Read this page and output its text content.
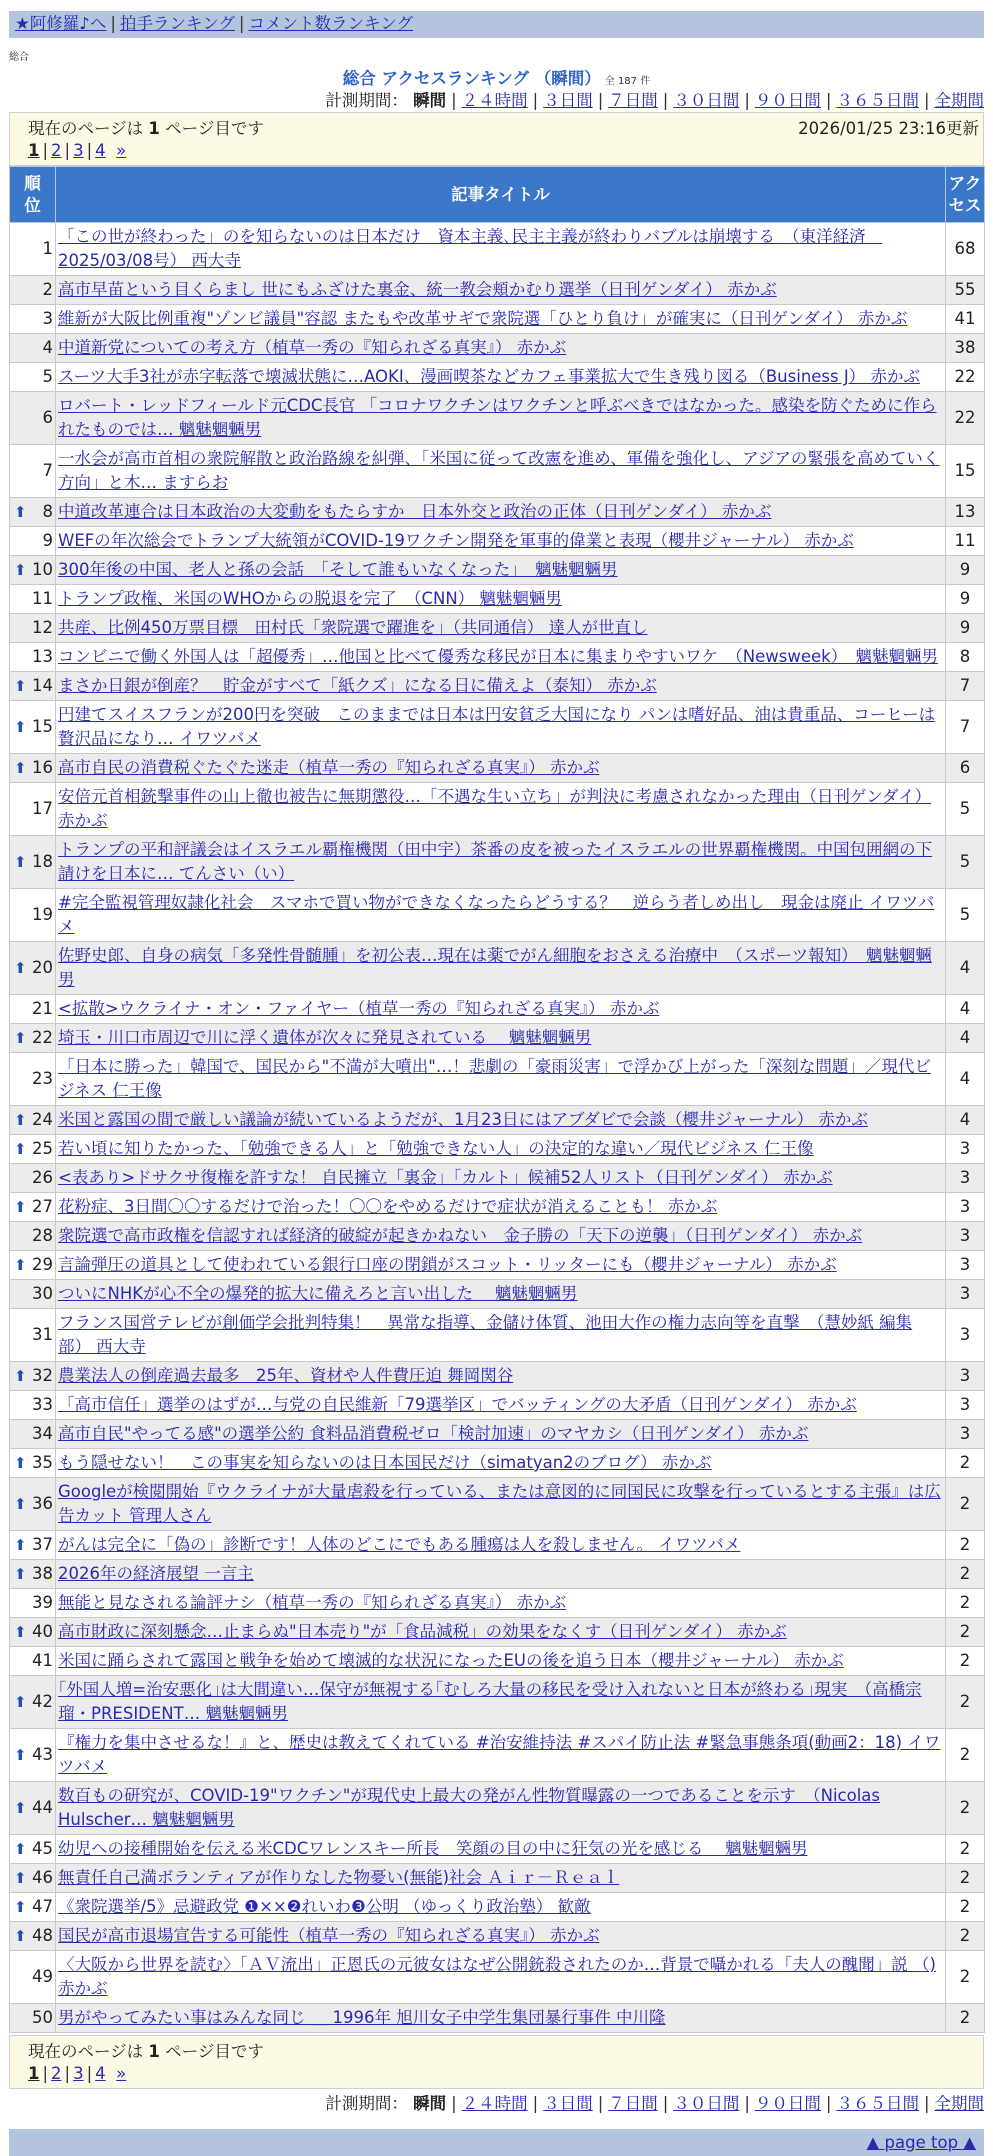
★阿修羅♪へ | 拍手ランキング | コメント数ランキング
総合
総合 アクセスランキング （瞬間） 全 187 件
計測期間： 瞬間 | ２４時間 | ３日間 | ７日間 | ３０日間 | ９０日間 | ３６５日間 | 全期間
現在のページは 1 ページ目です	2026/01/25 23:16更新
1 | 2 | 3 | 4 »
順位	記事タイトル	アクセス
1	「この世が終わった」のを知らないのは日本だけ　資本主義､民主主義が終わりバブルは崩壊する　（東洋経済　2025/03/08号） 西大寺	68
2	高市早苗という目くらまし 世にもふざけた裏金、統一教会頬かむり選挙（日刊ゲンダイ） 赤かぶ	55
3	維新が大阪比例重複"ゾンビ議員"容認 またもや改革サギで衆院選「ひとり負け」が確実に（日刊ゲンダイ） 赤かぶ	41
4	中道新党についての考え方（植草一秀の『知られざる真実』） 赤かぶ	38
5	スーツ大手3社が赤字転落で壊滅状態に…AOKI、漫画喫茶などカフェ事業拡大で生き残り図る（Business J） 赤かぶ	22
6	ロバート・レッドフィールド元CDC長官 「コロナワクチンはワクチンと呼ぶべきではなかった。感染を防ぐために作られたものでは… 魑魅魍魎男	22
7	一水会が高市首相の衆院解散と政治路線を糾弾、「米国に従って改憲を進め、軍備を強化し、アジアの緊張を高めていく方向」と木… ますらお	15

⬆ 8	中道改革連合は日本政治の大変動をもたらすか　日本外交と政治の正体（日刊ゲンダイ） 赤かぶ	13
9	WEFの年次総会でトランプ大統領がCOVID-19ワクチン開発を軍事的偉業と表現（櫻井ジャーナル） 赤かぶ	11

⬆ 10	300年後の中国、老人と孫の会話　「そして誰もいなくなった」　魑魅魍魎男	9
11	トランプ政権、米国のWHOからの脱退を完了　（CNN） 魑魅魍魎男	9
12	共産、比例450万票目標　田村氏「衆院選で躍進を」（共同通信） 達人が世直し	9
13	コンビニで働く外国人は「超優秀」…他国と比べて優秀な移民が日本に集まりやすいワケ　（Newsweek）　魑魅魍魎男	8

⬆ 14	まさか日銀が倒産？　貯金がすべて「紙クズ」になる日に備えよ（泰知） 赤かぶ	7

⬆ 15	円建てスイスフランが200円を突破　このままでは日本は円安貧乏大国になり パンは嗜好品、油は貴重品、コーヒーは贅沢品になり… イワツバメ	7

⬆ 16	高市自民の消費税ぐたぐた迷走（植草一秀の『知られざる真実』） 赤かぶ	6
17	安倍元首相銃撃事件の山上徹也被告に無期懲役…「不遇な生い立ち」が判決に考慮されなかった理由（日刊ゲンダイ） 赤かぶ	5

⬆ 18	トランプの平和評議会はイスラエル覇権機関（田中宇）茶番の皮を被ったイスラエルの世界覇権機関。中国包囲網の下請けを日本に… てんさい（い）	5
19	#完全監視管理奴隷化社会　スマホで買い物ができなくなったらどうする？　逆らう者しめ出し　現金は廃止 イワツバメ	5

⬆ 20	佐野史郎、自身の病気「多発性骨髄腫」を初公表…現在は薬でがん細胞をおさえる治療中　（スポーツ報知）　魑魅魍魎男	4
21	<拡散>ウクライナ・オン・ファイヤー（植草一秀の『知られざる真実』） 赤かぶ	4

⬆ 22	埼玉・川口市周辺で川に浮く遺体が次々に発見されている　 魑魅魍魎男	4
23	「日本に勝った」韓国で、国民から"不満が大噴出"…！悲劇の「豪雨災害」で浮かび上がった「深刻な問題」／現代ビジネス 仁王像	4

⬆ 24	米国と露国の間で厳しい議論が続いているようだが、1月23日にはアブダビで会談（櫻井ジャーナル） 赤かぶ	4

⬆ 25	若い頃に知りたかった、「勉強できる人」と「勉強できない人」の決定的な違い／現代ビジネス 仁王像	3
26	<表あり>ドサクサ復権を許すな！ 自民擁立「裏金」「カルト」候補52人リスト（日刊ゲンダイ） 赤かぶ	3

⬆ 27	花粉症、3日間〇〇するだけで治った！〇〇をやめるだけで症状が消えることも！ 赤かぶ	3
28	衆院選で高市政権を信認すれば経済的破綻が起きかねない　金子勝の「天下の逆襲」（日刊ゲンダイ） 赤かぶ	3

⬆ 29	言論弾圧の道具として使われている銀行口座の閉鎖がスコット・リッターにも（櫻井ジャーナル） 赤かぶ	3
30	ついにNHKが心不全の爆発的拡大に備えろと言い出した　 魑魅魍魎男	3
31	フランス国営テレビが創価学会批判特集！　異常な指導、金儲け体質、池田大作の権力志向等を直撃　（慧妙紙 編集部） 西大寺	3

⬆ 32	農業法人の倒産過去最多　25年、資材や人件費圧迫 舞岡関谷	3
33	「高市信任」選挙のはずが…与党の自民維新「79選挙区」でバッティングの大矛盾（日刊ゲンダイ） 赤かぶ	3
34	高市自民"やってる感"の選挙公約 食料品消費税ゼロ「検討加速」のマヤカシ（日刊ゲンダイ） 赤かぶ	3

⬆ 35	もう隠せない！　この事実を知らないのは日本国民だけ（simatyan2のブログ） 赤かぶ	2

⬆ 36	Googleが検閲開始『ウクライナが大量虐殺を行っている、または意図的に同国民に攻撃を行っているとする主張』は広告カット 管理人さん	2

⬆ 37	がんは完全に「偽の」診断です！人体のどこにでもある腫瘍は人を殺しません。 イワツバメ	2

⬆ 38	2026年の経済展望 一言主	2
39	無能と見なされる論評ナシ（植草一秀の『知られざる真実』） 赤かぶ	2

⬆ 40	高市財政に深刻懸念…止まらぬ"日本売り"が「食品減税」の効果をなくす（日刊ゲンダイ） 赤かぶ	2
41	米国に踊らされて露国と戦争を始めて壊滅的な状況になったEUの後を追う日本（櫻井ジャーナル） 赤かぶ	2

⬆ 42	｢外国人増=治安悪化｣は大間違い…保守が無視する｢むしろ大量の移民を受け入れないと日本が終わる｣現実　（高橋宗瑠・PRESIDENT… 魑魅魍魎男	2

⬆ 43	『権力を集中させるな！』と、歴史は教えてくれている #治安維持法 #スパイ防止法 #緊急事態条項(動画2：18) イワツバメ	2

⬆ 44	数百もの研究が、COVID-19"ワクチン"が現代史上最大の発がん性物質曝露の一つであることを示す　（Nicolas Hulscher… 魑魅魍魎男	2

⬆ 45	幼児への接種開始を伝える米CDCワレンスキー所長　笑顔の目の中に狂気の光を感じる　 魑魅魍魎男	2

⬆ 46	無責任自己満ボランティアが作りなした物憂い(無能)社会 Ａｉｒ－Ｒｅａｌ	2

⬆ 47	《衆院選挙/5》忌避政党 ❶××❷れいわ❸公明 （ゆっくり政治塾） 歓敵	2

⬆ 48	国民が高市退場宣告する可能性（植草一秀の『知られざる真実』） 赤かぶ	2
49	〈大阪から世界を読む〉「ＡＶ流出」正恩氏の元彼女はなぜ公開銃殺されたのか…背景で囁かれる「夫人の醜聞」説 （) 赤かぶ	2
50	男がやってみたい事はみんな同じ ＿ 1996年 旭川女子中学生集団暴行事件 中川隆	2
現在のページは 1 ページ目です
1 | 2 | 3 | 4 »
計測期間： 瞬間 | ２４時間 | ３日間 | ７日間 | ３０日間 | ９０日間 | ３６５日間 | 全期間
▲ page top ▲
